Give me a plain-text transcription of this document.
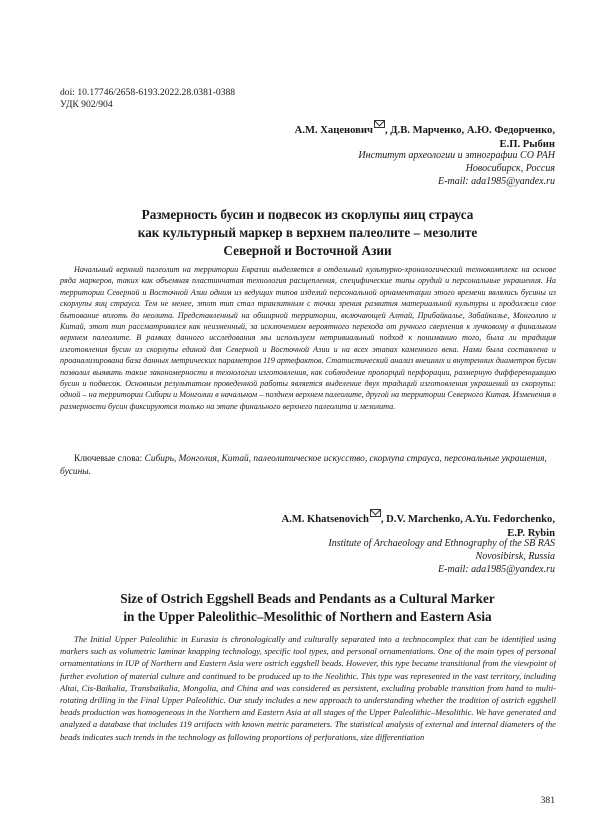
doi: 10.17746/2658-6193.2022.28.0381-0388
УДК 902/904
А.М. Хаценович , Д.В. Марченко, А.Ю. Федорченко,
Е.П. Рыбин
Институт археологии и этнографии СО РАН
Новосибирск, Россия
E-mail: ada1985@yandex.ru
Размерность бусин и подвесок из скорлупы яиц страуса
как культурный маркер в верхнем палеолите – мезолите
Северной и Восточной Азии
Начальный верхний палеолит на территории Евразии выделяется в отдельный культурно-хронологический технокомплекс на основе ряда маркеров, таких как объемная пластинчатая технология расщепления, специфические типы орудий и персональные украшения. На территории Северной и Восточной Азии одним из ведущих типов изделий персональной орнаментации этого времени являлись бусины из скорлупы яиц страуса. Тем не менее, этот тип стал транзитным с точки зрения развития материальной культуры и продолжил свое бытование вплоть до неолита. Представленный на обширной территории, включающей Алтай, Прибайкалье, Забайкалье, Монголию и Китай, этот тип рассматривался как неизменный, за исключением вероятного перехода от ручного сверления к лучковому в финальном верхнем палеолите. В рамках данного исследования мы используем нетривиальный подход к пониманию того, была ли традиция изготовления бусин из скорлупы единой для Северной и Восточной Азии и на всех этапах каменного века. Нами была составлена и проанализирована база данных метрических параметров 119 артефактов. Статистический анализ внешних и внутренних диаметров бусин позволил выявить такие закономерности в технологии изготовления, как соблюдение пропорций перфорации, размерную дифференциацию бусин и подвесок. Основным результатом проведенной работы является выделение двух традиций изготовления украшений из скорлупы: одной – на территории Сибири и Монголии в начальном – позднем верхнем палеолите, другой на территории Северного Китая. Изменения в размерности бусин фиксируются только на этапе финального верхнего палеолита и мезолита.
Ключевые слова: Сибирь, Монголия, Китай, палеолитическое искусство, скорлупа страуса, персональные украшения, бусины.
A.M. Khatsenovich , D.V. Marchenko, A.Yu. Fedorchenko,
E.P. Rybin
Institute of Archaeology and Ethnography of the SB RAS
Novosibirsk, Russia
E-mail: ada1985@yandex.ru
Size of Ostrich Eggshell Beads and Pendants as a Cultural Marker
in the Upper Paleolithic–Mesolithic of Northern and Eastern Asia
The Initial Upper Paleolithic in Eurasia is chronologically and culturally separated into a technocomplex that can be identified using markers such as volumetric laminar knapping technology, specific tool types, and personal ornamentations. One of the main types of personal ornamentations in IUP of Northern and Eastern Asia were ostrich eggshell beads. However, this type became transitional from the viewpoint of further evolution of material culture and continued to be produced up to the Neolithic. This type was represented in the vast territory, including Altai, Cis-Baikalia, Transbaikalia, Mongolia, and China and was considered as persistent, excluding probable transition from hand to multi-rotating drilling in the Final Upper Paleolithic. Our study includes a new approach to understanding whether the tradition of ostrich eggshell beads production was homogeneous in the Northern and Eastern Asia at all stages of the Upper Paleolithic–Mesolithic. We have generated and analyzed a database that includes 119 artifacts with known metric parameters. The statistical analysis of external and internal diameters of the beads indicates such trends in the technology as following proportions of perforations, size differentiation
381
